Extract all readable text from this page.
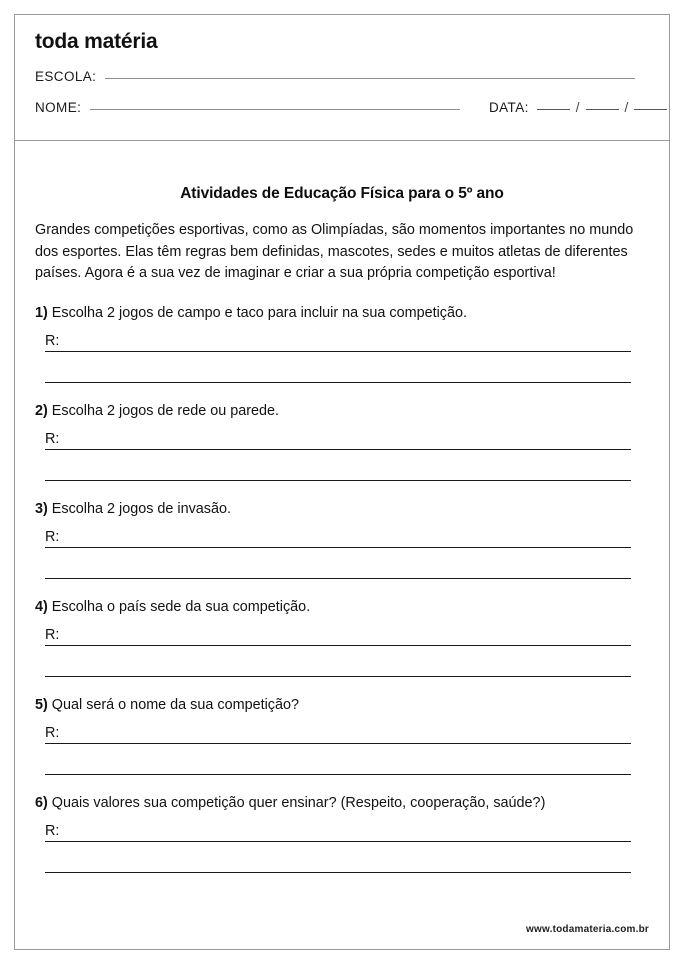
toda matéria
ESCOLA:
NOME:	DATA:	/	/
Atividades de Educação Física para o 5º ano
Grandes competições esportivas, como as Olimpíadas, são momentos importantes no mundo dos esportes. Elas têm regras bem definidas, mascotes, sedes e muitos atletas de diferentes países. Agora é a sua vez de imaginar e criar a sua própria competição esportiva!
1) Escolha 2 jogos de campo e taco para incluir na sua competição.
R:
2) Escolha 2 jogos de rede ou parede.
R:
3) Escolha 2 jogos de invasão.
R:
4) Escolha o país sede da sua competição.
R:
5) Qual será o nome da sua competição?
R:
6) Quais valores sua competição quer ensinar? (Respeito, cooperação, saúde?)
R:
www.todamateria.com.br
